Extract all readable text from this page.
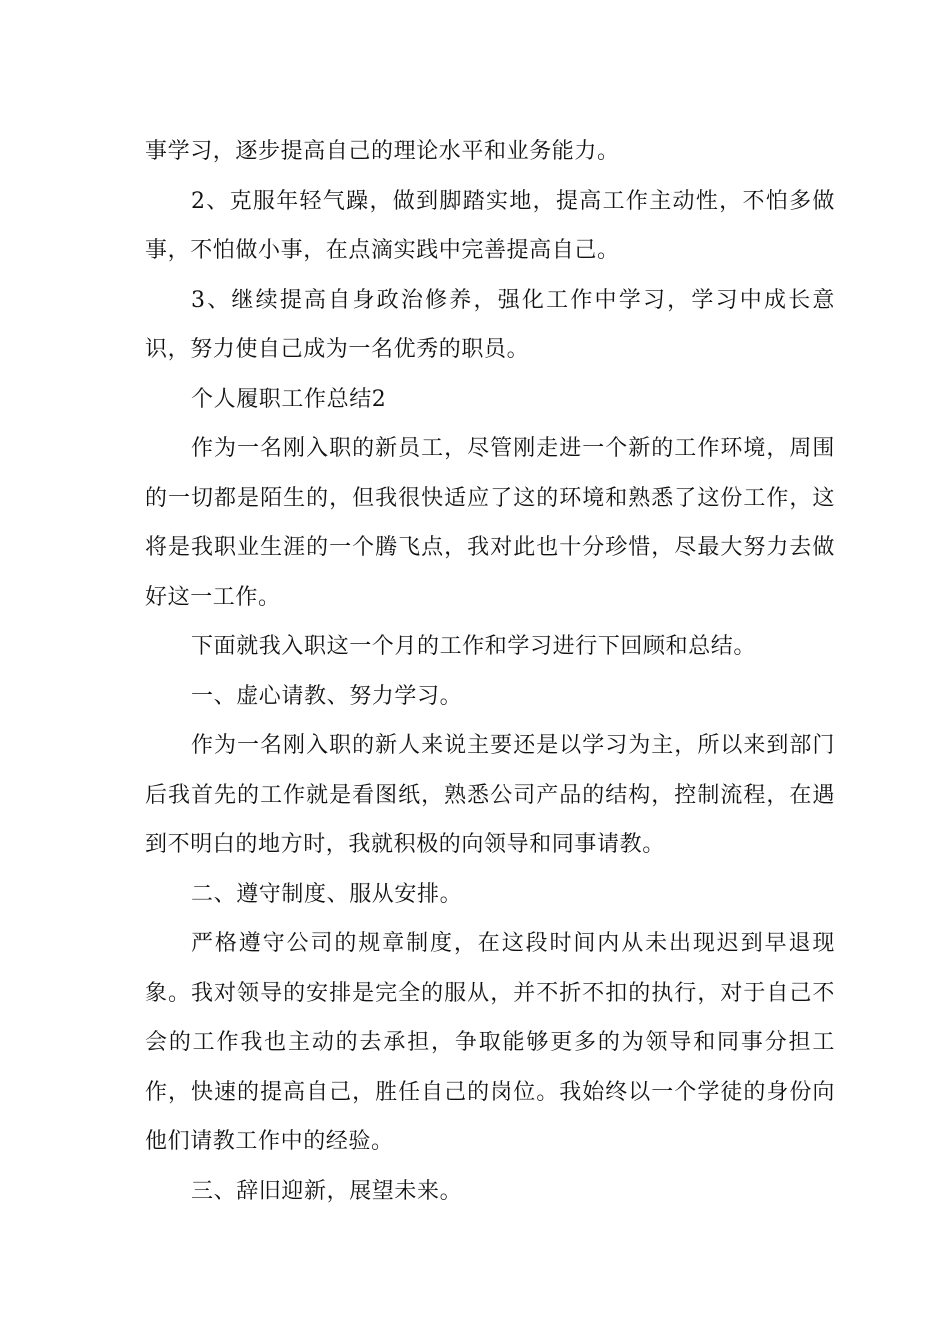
事学习，逐步提高自己的理论水平和业务能力。

2、克服年轻气躁，做到脚踏实地，提高工作主动性，不怕多做事，不怕做小事，在点滴实践中完善提高自己。

3、继续提高自身政治修养，强化工作中学习，学习中成长意识，努力使自己成为一名优秀的职员。

个人履职工作总结2

作为一名刚入职的新员工，尽管刚走进一个新的工作环境，周围的一切都是陌生的，但我很快适应了这的环境和熟悉了这份工作，这将是我职业生涯的一个腾飞点，我对此也十分珍惜，尽最大努力去做好这一工作。

下面就我入职这一个月的工作和学习进行下回顾和总结。

一、虚心请教、努力学习。

作为一名刚入职的新人来说主要还是以学习为主，所以来到部门后我首先的工作就是看图纸，熟悉公司产品的结构，控制流程，在遇到不明白的地方时，我就积极的向领导和同事请教。

二、遵守制度、服从安排。

严格遵守公司的规章制度，在这段时间内从未出现迟到早退现象。我对领导的安排是完全的服从，并不折不扣的执行，对于自己不会的工作我也主动的去承担，争取能够更多的为领导和同事分担工作，快速的提高自己，胜任自己的岗位。我始终以一个学徒的身份向他们请教工作中的经验。

三、辞旧迎新，展望未来。
